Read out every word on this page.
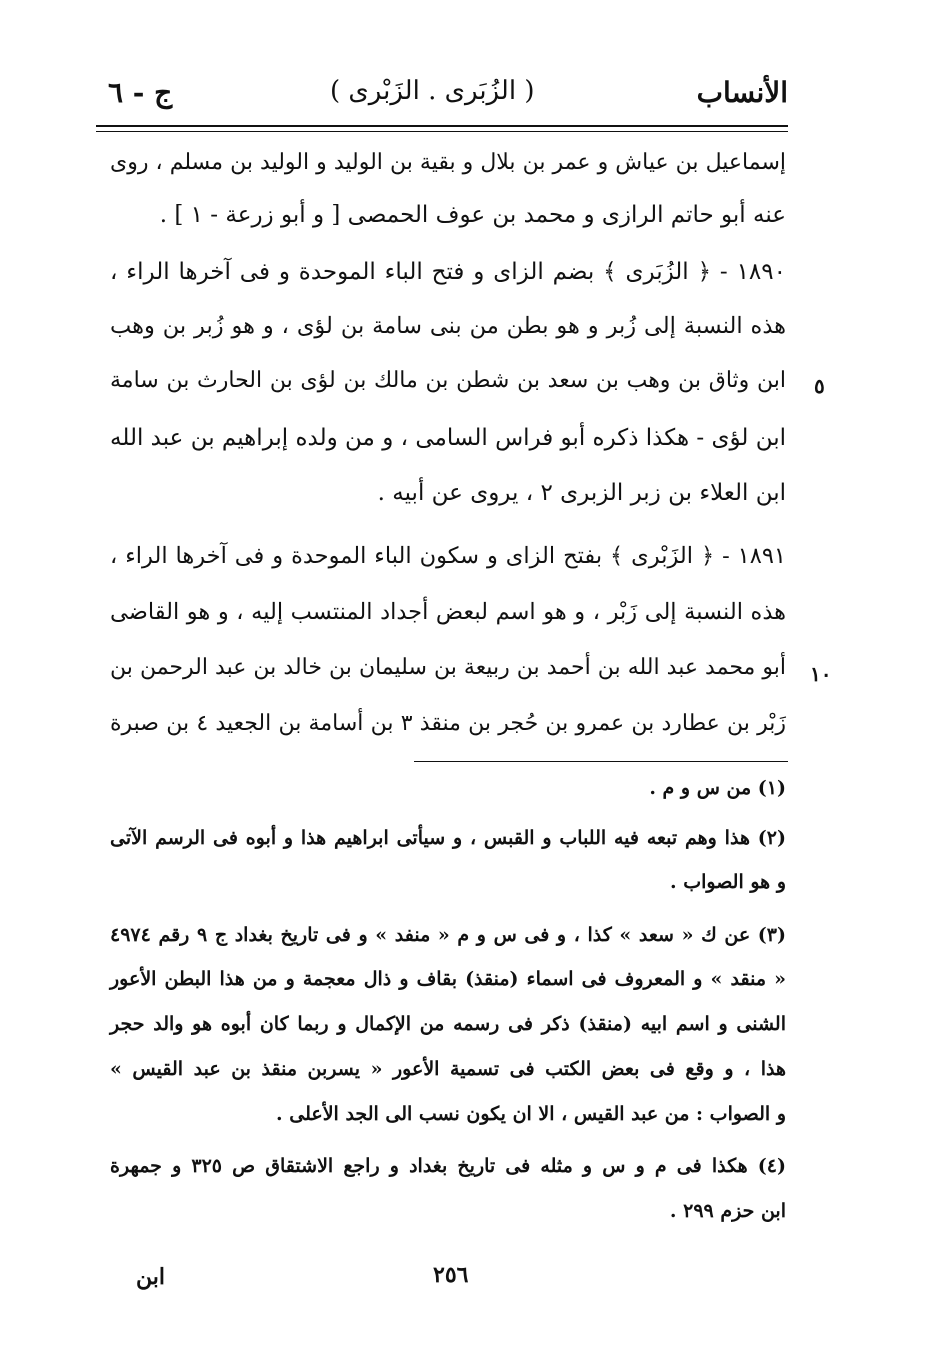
الأنساب
( الزُبَرى . الزَبْرى )
ج - ٦
إسماعيل بن عياش و عمر بن بلال و بقية بن الوليد و الوليد بن مسلم ، روى
عنه أبو حاتم الرازى و محمد بن عوف الحمصى [ و أبو زرعة - ١ ] .
١٨٩٠ - ﴿ الزُبَرى ﴾ بضم الزاى و فتح الباء الموحدة و فى آخرها الراء ،
هذه النسبة إلى زُبر و هو بطن من بنى سامة بن لؤى ، و هو زُبر بن وهب
ابن وثاق بن وهب بن سعد بن شطن بن مالك بن لؤى بن الحارث بن سامة
ابن لؤى - هكذا ذكره أبو فراس السامى ، و من ولده إبراهيم بن عبد الله
ابن العلاء بن زبر الزبرى ٢ ، يروى عن أبيه .
١٨٩١ - ﴿ الزَبْرى ﴾ بفتح الزاى و سكون الباء الموحدة و فى آخرها الراء ،
هذه النسبة إلى زَبْر ، و هو اسم لبعض أجداد المنتسب إليه ، و هو القاضى
أبو محمد عبد الله بن أحمد بن ربيعة بن سليمان بن خالد بن عبد الرحمن بن
زَبْر بن عطارد بن عمرو بن حُجر بن منقذ ٣ بن أسامة بن الجعيد ٤ بن صبرة
٥
١٠
(١) من س و م .
(٢) هذا وهم تبعه فيه اللباب و القبس ، و سيأتى ابراهيم هذا و أبوه فى الرسم الآتى
و هو الصواب .
(٣) عن ك « سعد » كذا ، و فى س و م « منفد » و فى تاريخ بغداد ج ٩ رقم ٤٩٧٤
« منقد » و المعروف فى اسماء (منقذ) بقاف و ذال معجمة و من هذا البطن الأعور
الشنى و اسم ابيه (منقذ) ذكر فى رسمه من الإكمال و ربما كان أبوه هو والد حجر
هذا ، و وقع فى بعض الكتب فى تسمية الأعور « يسربن منقذ بن عبد القيس »
و الصواب : من عبد القيس ، الا ان يكون نسب الى الجد الأعلى .
(٤) هكذا فى م و س و مثله فى تاريخ بغداد و راجع الاشتقاق ص ٣٢٥ و جمهرة
ابن حزم ٢٩٩ .
٢٥٦
ابن
